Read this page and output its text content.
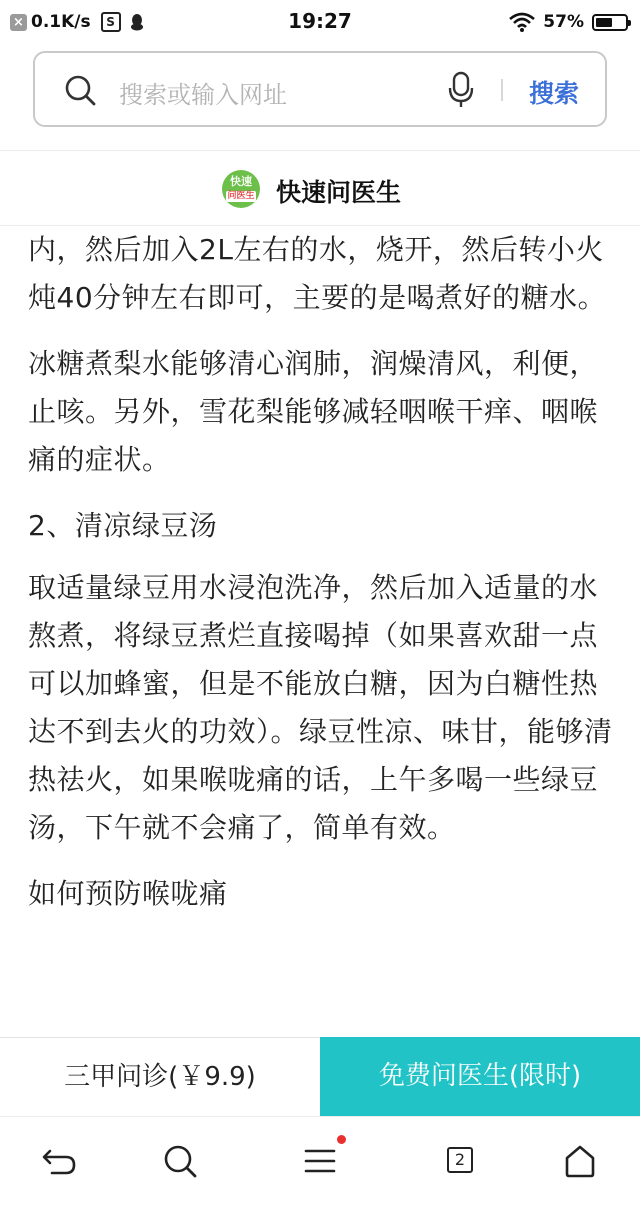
× 0.1K/s	S	19:27	57%
搜索或输入网址	搜索
快速
问医生 快速问医生

内，然后加入2L左右的水，烧开，然后转小火炖40分钟左右即可，主要的是喝煮好的糖水。

冰糖煮梨水能够清心润肺，润燥清风，利便，止咳。另外，雪花梨能够减轻咽喉干痒、咽喉痛的症状。

2、清凉绿豆汤

取适量绿豆用水浸泡洗净，然后加入适量的水熬煮，将绿豆煮烂直接喝掉（如果喜欢甜一点可以加蜂蜜，但是不能放白糖，因为白糖性热达不到去火的功效）。绿豆性凉、味甘，能够清热祛火，如果喉咙痛的话，上午多喝一些绿豆汤，下午就不会痛了，简单有效。

如何预防喉咙痛

三甲问诊(￥9.9)	免费问医生(限时)
2
